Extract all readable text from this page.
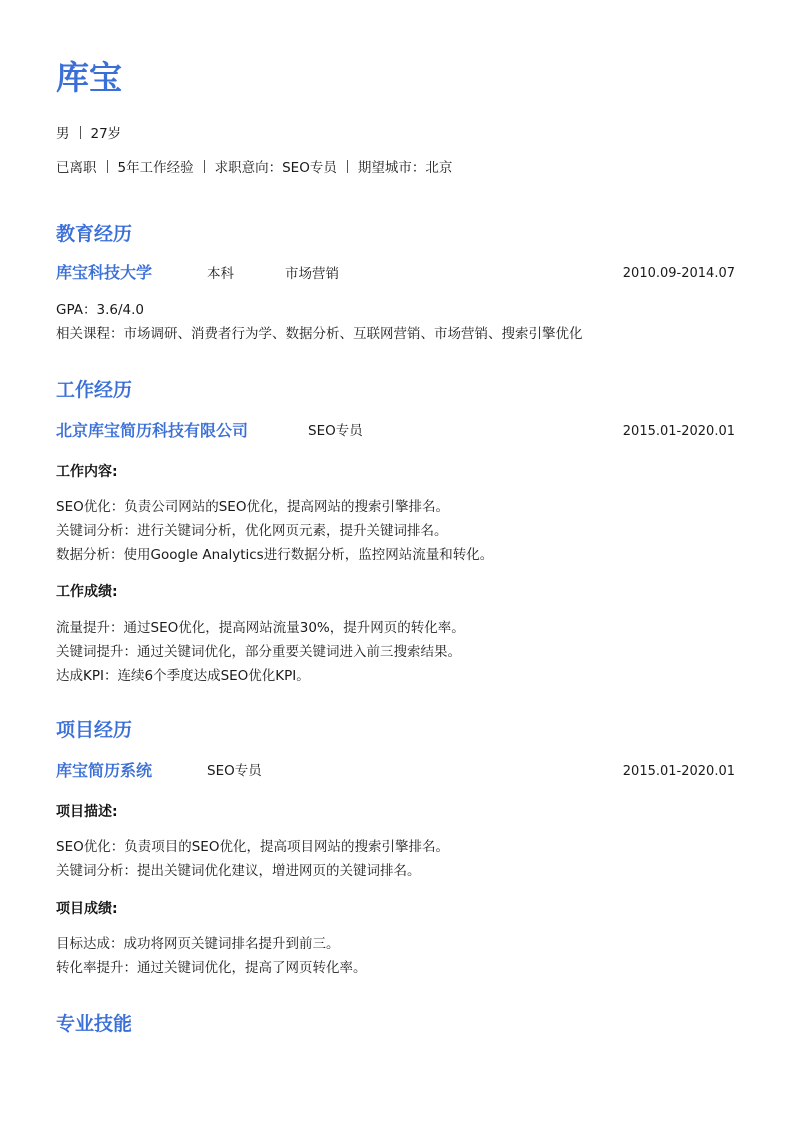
库宝
男 27岁
已离职 5年工作经验 求职意向：SEO专员 期望城市：北京
教育经历
库宝科技大学	本科	市场营销	2010.09-2014.07
GPA：3.6/4.0
相关课程：市场调研、消费者行为学、数据分析、互联网营销、市场营销、搜索引擎优化
工作经历
北京库宝简历科技有限公司	SEO专员	2015.01-2020.01
工作内容:
SEO优化：负责公司网站的SEO优化，提高网站的搜索引擎排名。
关键词分析：进行关键词分析，优化网页元素，提升关键词排名。
数据分析：使用Google Analytics进行数据分析，监控网站流量和转化。
工作成绩:
流量提升：通过SEO优化，提高网站流量30%，提升网页的转化率。
关键词提升：通过关键词优化，部分重要关键词进入前三搜索结果。
达成KPI：连续6个季度达成SEO优化KPI。
项目经历
库宝简历系统	SEO专员	2015.01-2020.01
项目描述:
SEO优化：负责项目的SEO优化，提高项目网站的搜索引擎排名。
关键词分析：提出关键词优化建议，增进网页的关键词排名。
项目成绩:
目标达成：成功将网页关键词排名提升到前三。
转化率提升：通过关键词优化，提高了网页转化率。
专业技能
